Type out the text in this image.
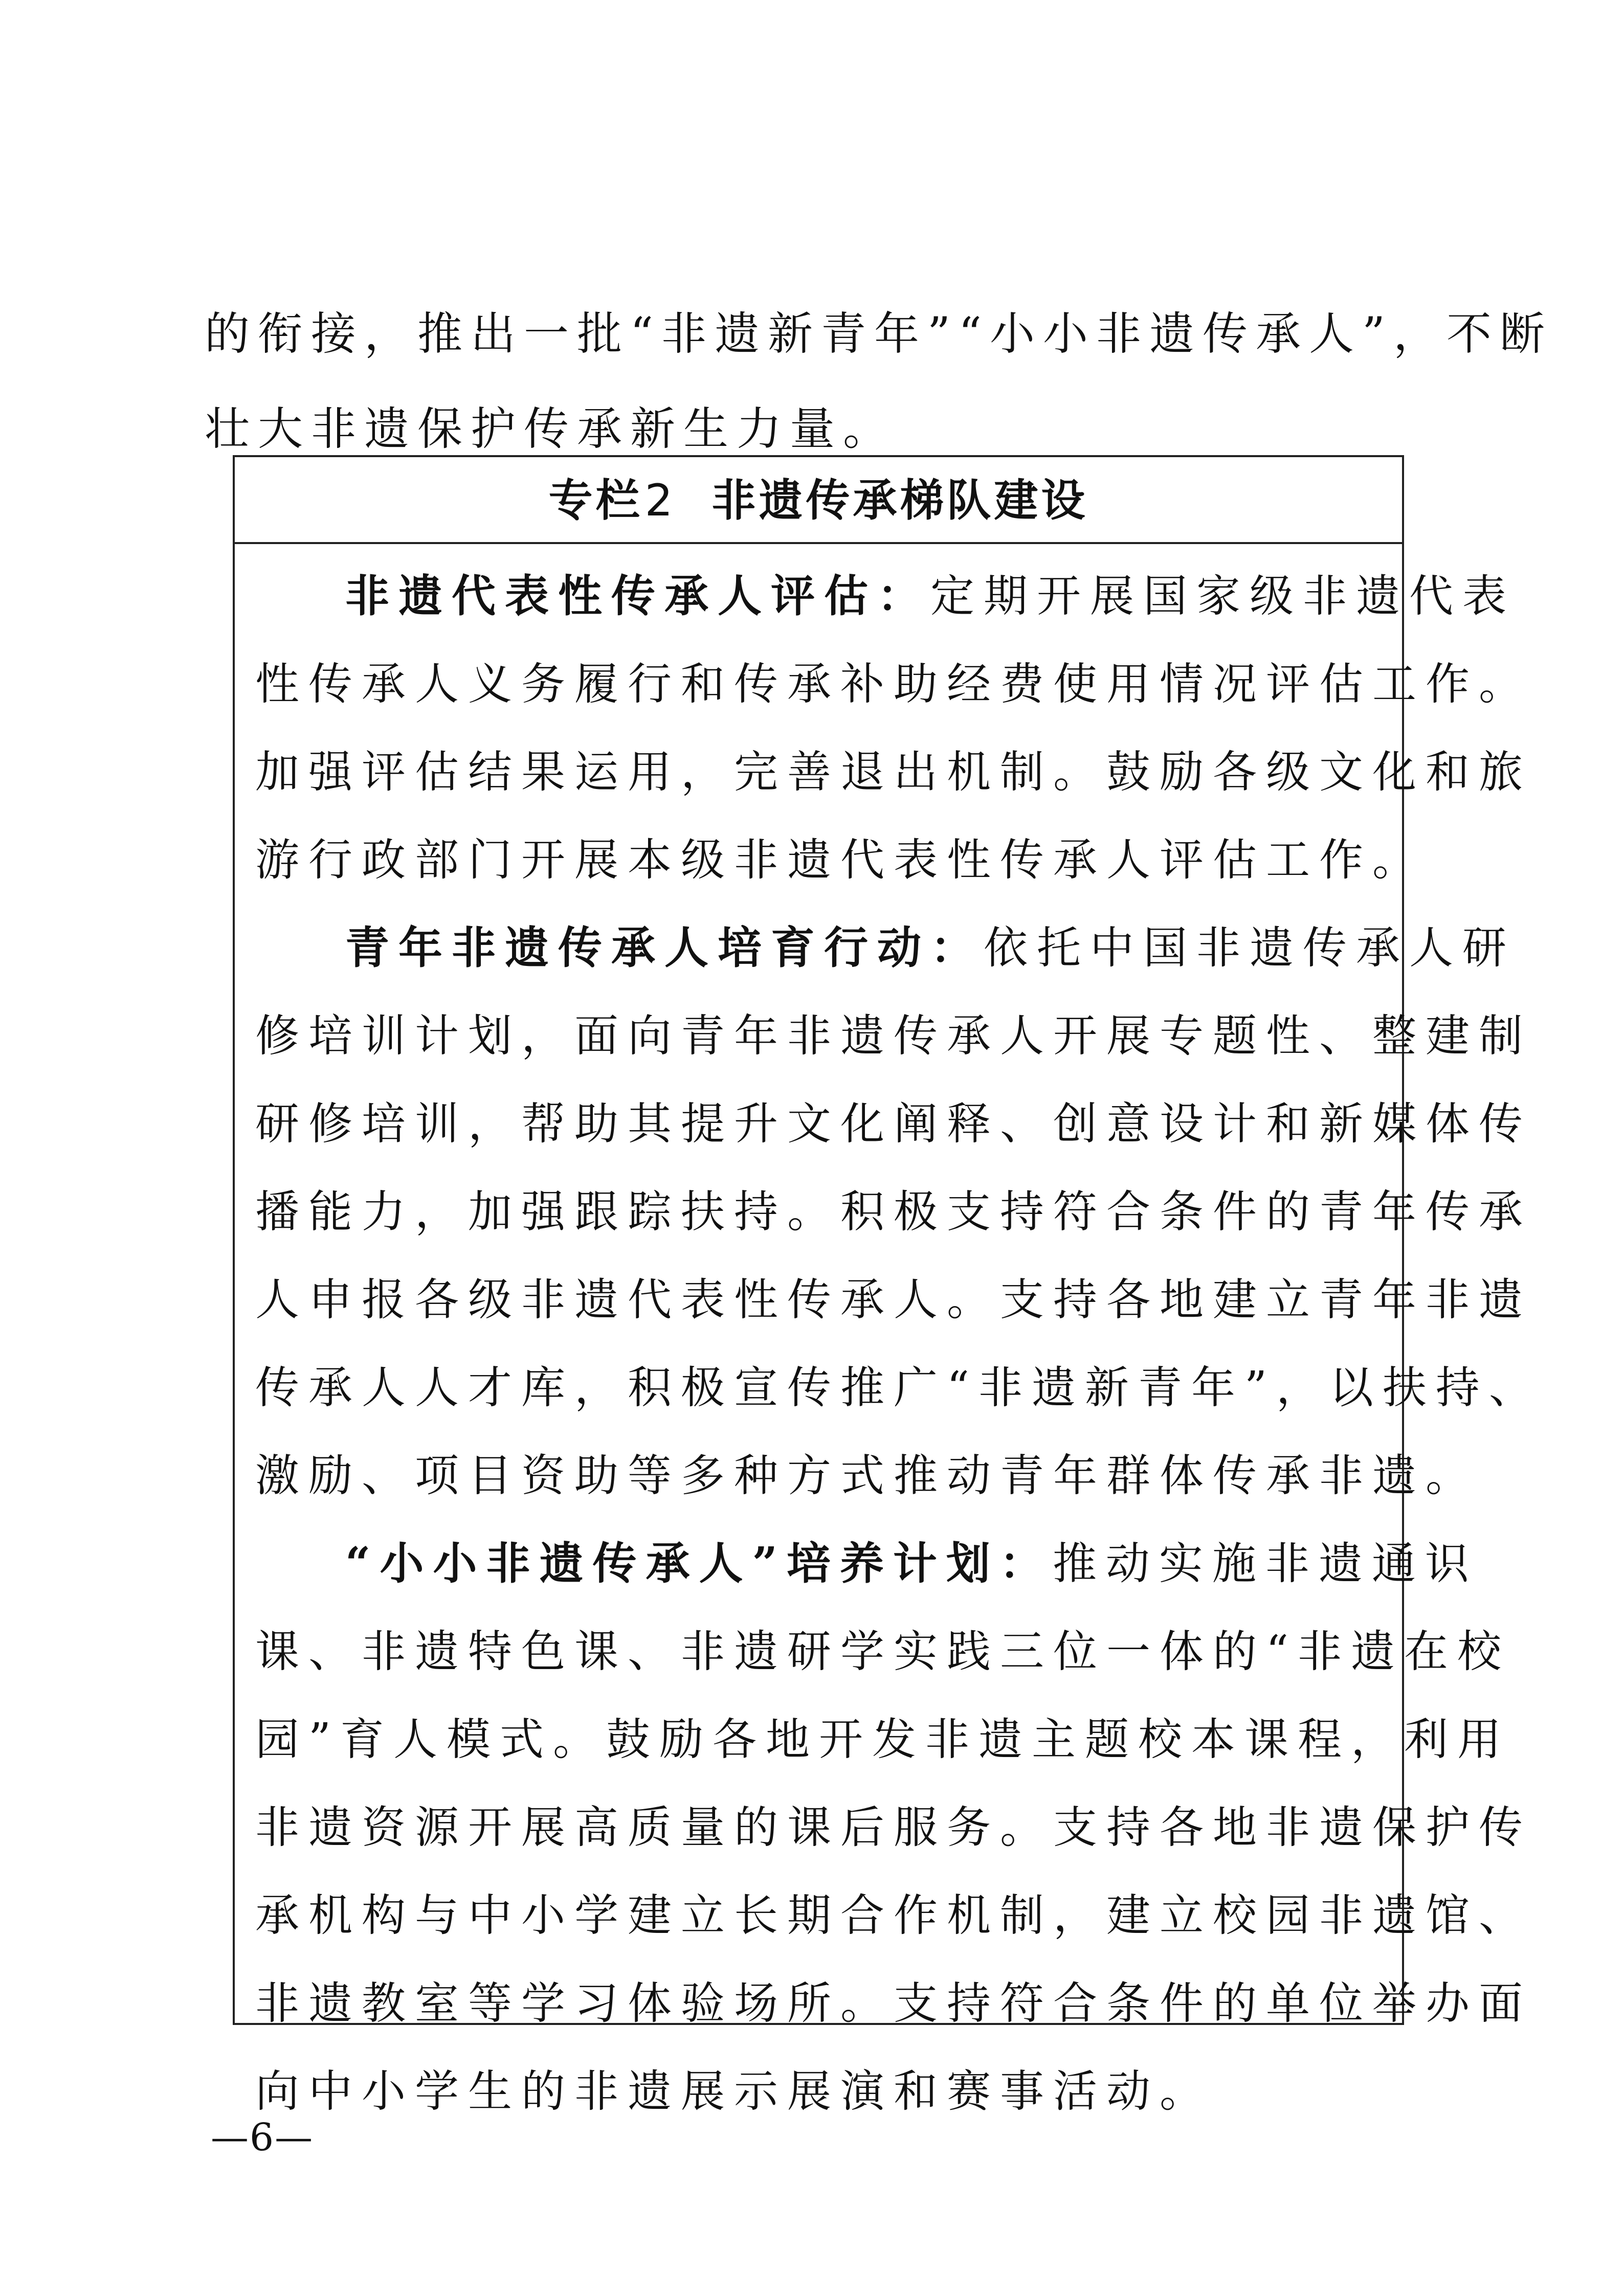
的衔接，推出一批“非遗新青年”“小小非遗传承人”，不断
壮大非遗保护传承新生力量。
专栏2 非遗传承梯队建设
非遗代表性传承人评估：定期开展国家级非遗代表
性传承人义务履行和传承补助经费使用情况评估工作。
加强评估结果运用，完善退出机制。鼓励各级文化和旅
游行政部门开展本级非遗代表性传承人评估工作。
青年非遗传承人培育行动：依托中国非遗传承人研
修培训计划，面向青年非遗传承人开展专题性、整建制
研修培训，帮助其提升文化阐释、创意设计和新媒体传
播能力，加强跟踪扶持。积极支持符合条件的青年传承
人申报各级非遗代表性传承人。支持各地建立青年非遗
传承人人才库，积极宣传推广“非遗新青年”，以扶持、
激励、项目资助等多种方式推动青年群体传承非遗。
“小小非遗传承人”培养计划：推动实施非遗通识
课、非遗特色课、非遗研学实践三位一体的“非遗在校
园”育人模式。鼓励各地开发非遗主题校本课程，利用
非遗资源开展高质量的课后服务。支持各地非遗保护传
承机构与中小学建立长期合作机制，建立校园非遗馆、
非遗教室等学习体验场所。支持符合条件的单位举办面
向中小学生的非遗展示展演和赛事活动。
—6—
